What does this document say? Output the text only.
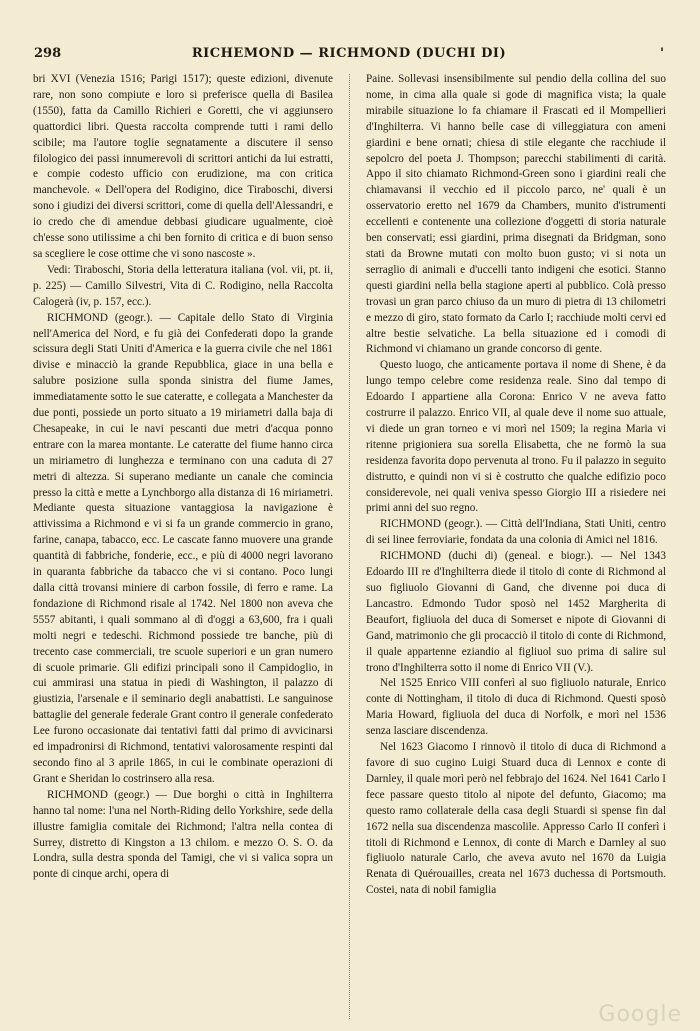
298	RICHEMOND — RICHMOND (DUCHI DI)	'

bri XVI (Venezia 1516; Parigi 1517); queste edizioni, divenute rare, non sono compiute e loro si preferisce quella di Basilea (1550), fatta da Camillo Richieri e Goretti, che vi aggiunsero quattordici libri. Questa raccolta comprende tutti i rami dello scibile; ma l'autore toglie segnatamente a discutere il senso filologico dei passi innumerevoli di scrittori antichi da lui estratti, e compie codesto ufficio con erudizione, ma con critica manchevole. « Dell'opera del Rodigino, dice Tiraboschi, diversi sono i giudizi dei diversi scrittori, come di quella dell'Alessandri, e io credo che di amendue debbasi giudicare ugualmente, cioè ch'esse sono utilissime a chi ben fornito di critica e di buon senso sa scegliere le cose ottime che vi sono nascoste ».

Vedi: Tiraboschi, Storia della letteratura italiana (vol. vii, pt. ii, p. 225) — Camillo Silvestri, Vita di C. Rodigino, nella Raccolta Calogerà (iv, p. 157, ecc.).

RICHMOND (geogr.). — Capitale dello Stato di Virginia nell'America del Nord, e fu già dei Confederati dopo la grande scissura degli Stati Uniti d'America e la guerra civile che nel 1861 divise e minacciò la grande Repubblica, giace in una bella e salubre posizione sulla sponda sinistra del fiume James, immediatamente sotto le sue cateratte, e collegata a Manchester da due ponti, possiede un porto situato a 19 miriametri dalla baja di Chesapeake, in cui le navi pescanti due metri d'acqua ponno entrare con la marea montante. Le cateratte del fiume hanno circa un miriametro di lunghezza e terminano con una caduta di 27 metri di altezza. Si superano mediante un canale che comincia presso la città e mette a Lynchborgo alla distanza di 16 miriametri. Mediante questa situazione vantaggiosa la navigazione è attivissima a Richmond e vi si fa un grande commercio in grano, farine, canapa, tabacco, ecc. Le cascate fanno muovere una grande quantità di fabbriche, fonderie, ecc., e più di 4000 negri lavorano in quaranta fabbriche da tabacco che vi si contano. Poco lungi dalla città trovansi miniere di carbon fossile, di ferro e rame. La fondazione di Richmond risale al 1742. Nel 1800 non aveva che 5557 abitanti, i quali sommano al dì d'oggi a 63,600, fra i quali molti negri e tedeschi. Richmond possiede tre banche, più di trecento case commerciali, tre scuole superiori e un gran numero di scuole primarie. Gli edifizi principali sono il Campidoglio, in cui ammirasi una statua in piedi di Washington, il palazzo di giustizia, l'arsenale e il seminario degli anabattisti. Le sanguinose battaglie del generale federale Grant contro il generale confederato Lee furono occasionate dai tentativi fatti dal primo di avvicinarsi ed impadronirsi di Richmond, tentativi valorosamente respinti dal secondo fino al 3 aprile 1865, in cui le combinate operazioni di Grant e Sheridan lo costrinsero alla resa.

RICHMOND (geogr.) — Due borghi o città in Inghilterra hanno tal nome: l'una nel North-Riding dello Yorkshire, sede della illustre famiglia comitale dei Richmond; l'altra nella contea di Surrey, distretto di Kingston a 13 chilom. e mezzo O. S. O. da Londra, sulla destra sponda del Tamigi, che vi si valica sopra un ponte di cinque archi, opera di

Paine. Sollevasi insensibilmente sul pendio della collina del suo nome, in cima alla quale si gode di magnifica vista; la quale mirabile situazione lo fa chiamare il Frascati ed il Mompellieri d'Inghilterra. Vi hanno belle case di villeggiatura con ameni giardini e bene ornati; chiesa di stile elegante che racchiude il sepolcro del poeta J. Thompson; parecchi stabilimenti di carità. Appo il sito chiamato Richmond-Green sono i giardini reali che chiamavansi il vecchio ed il piccolo parco, ne' quali è un osservatorio eretto nel 1679 da Chambers, munito d'istrumenti eccellenti e contenente una collezione d'oggetti di storia naturale ben conservati; essi giardini, prima disegnati da Bridgman, sono stati da Browne mutati con molto buon gusto; vi si nota un serraglio di animali e d'uccelli tanto indigeni che esotici. Stanno questi giardini nella bella stagione aperti al pubblico. Colà presso trovasi un gran parco chiuso da un muro di pietra di 13 chilometri e mezzo di giro, stato formato da Carlo I; racchiude molti cervi ed altre bestie selvatiche. La bella situazione ed i comodi di Richmond vi chiamano un grande concorso di gente.

Questo luogo, che anticamente portava il nome di Shene, è da lungo tempo celebre come residenza reale. Sino dal tempo di Edoardo I appartiene alla Corona: Enrico V ne aveva fatto costrurre il palazzo. Enrico VII, al quale deve il nome suo attuale, vi diede un gran torneo e vi morì nel 1509; la regina Maria vi ritenne prigioniera sua sorella Elisabetta, che ne formò la sua residenza favorita dopo pervenuta al trono. Fu il palazzo in seguito distrutto, e quindi non vi si è costrutto che qualche edifizio poco considerevole, nei quali veniva spesso Giorgio III a risiedere nei primi anni del suo regno.

RICHMOND (geogr.). — Città dell'Indiana, Stati Uniti, centro di sei linee ferroviarie, fondata da una colonia di Amici nel 1816.

RICHMOND (duchi di) (geneal. e biogr.). — Nel 1343 Edoardo III re d'Inghilterra diede il titolo di conte di Richmond al suo figliuolo Giovanni di Gand, che divenne poi duca di Lancastro. Edmondo Tudor sposò nel 1452 Margherita di Beaufort, figliuola del duca di Somerset e nipote di Giovanni di Gand, matrimonio che gli procacciò il titolo di conte di Richmond, il quale appartenne eziandio al figliuol suo prima di salire sul trono d'Inghilterra sotto il nome di Enrico VII (V.).

Nel 1525 Enrico VIII conferì al suo figliuolo naturale, Enrico conte di Nottingham, il titolo di duca di Richmond. Questi sposò Maria Howard, figliuola del duca di Norfolk, e morì nel 1536 senza lasciare discendenza.

Nel 1623 Giacomo I rinnovò il titolo di duca di Richmond a favore di suo cugino Luigi Stuard duca di Lennox e conte di Darnley, il quale morì però nel febbrajo del 1624. Nel 1641 Carlo I fece passare questo titolo al nipote del defunto, Giacomo; ma questo ramo collaterale della casa degli Stuardi si spense fin dal 1672 nella sua discendenza mascolile. Appresso Carlo II conferì i titoli di Richmond e Lennox, di conte di March e Darnley al suo figliuolo naturale Carlo, che aveva avuto nel 1670 da Luigia Renata di Quérouailles, creata nel 1673 duchessa di Portsmouth. Costei, nata di nobil famiglia

Google
